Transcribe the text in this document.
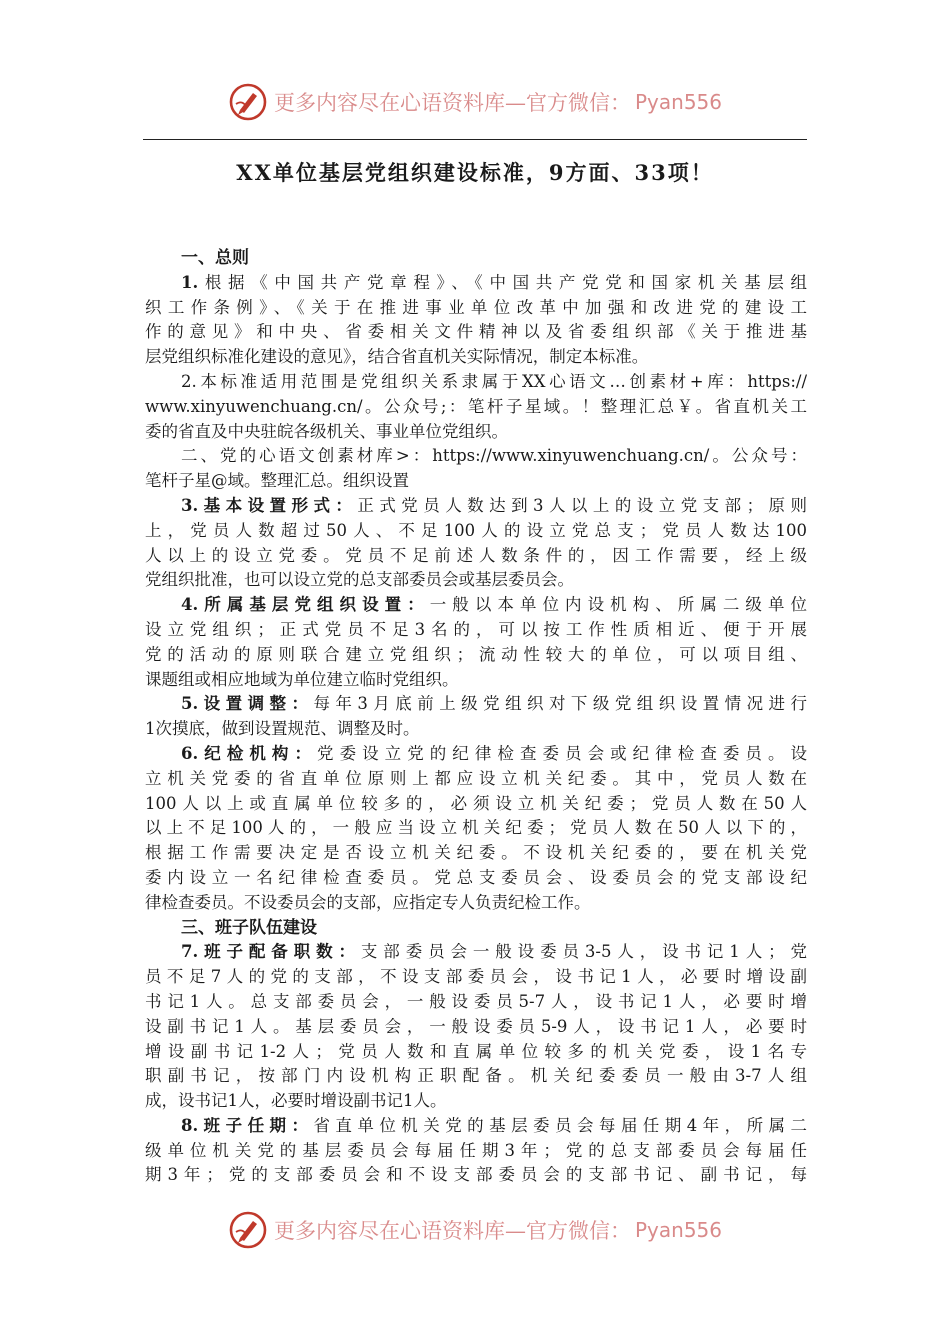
更多内容尽在心语资料库—官方微信： Pyan556
XX单位基层党组织建设标准，9方面、33项！
一、总则
1.根据《中国共产党章程》、《中国共产党党和国家机关基层组
织工作条例》、《关于在推进事业单位改革中加强和改进党的建设工
作的意见》和中央、省委相关文件精神以及省委组织部《关于推进基
层党组织标准化建设的意见》，结合省直机关实际情况，制定本标准。
2.本标准适用范围是党组织关系隶属于XX心语文…创素材+库：https://
www.xinyuwenchuang.cn/。公众号;：笔杆子星域。！整理汇总￥。省直机关工
委的省直及中央驻皖各级机关、事业单位党组织。
二、党的心语文创素材库>：https://www.xinyuwenchuang.cn/。公众号：
笔杆子星@域。整理汇总。组织设置
3.基本设置形式：正式党员人数达到3人以上的设立党支部；原则
上，党员人数超过50人、不足100人的设立党总支；党员人数达100
人以上的设立党委。党员不足前述人数条件的，因工作需要，经上级
党组织批准，也可以设立党的总支部委员会或基层委员会。
4.所属基层党组织设置：一般以本单位内设机构、所属二级单位
设立党组织；正式党员不足3名的，可以按工作性质相近、便于开展
党的活动的原则联合建立党组织；流动性较大的单位，可以项目组、
课题组或相应地域为单位建立临时党组织。
5.设置调整：每年3月底前上级党组织对下级党组织设置情况进行
1次摸底，做到设置规范、调整及时。
6.纪检机构：党委设立党的纪律检查委员会或纪律检查委员。设
立机关党委的省直单位原则上都应设立机关纪委。其中，党员人数在
100人以上或直属单位较多的，必须设立机关纪委；党员人数在50人
以上不足100人的，一般应当设立机关纪委；党员人数在50人以下的，
根据工作需要决定是否设立机关纪委。不设机关纪委的，要在机关党
委内设立一名纪律检查委员。党总支委员会、设委员会的党支部设纪
律检查委员。不设委员会的支部，应指定专人负责纪检工作。
三、班子队伍建设
7.班子配备职数：支部委员会一般设委员3-5人，设书记1人；党
员不足7人的党的支部，不设支部委员会，设书记1人，必要时增设副
书记1人。总支部委员会，一般设委员5-7人，设书记1人，必要时增
设副书记1人。基层委员会，一般设委员5-9人，设书记1人，必要时
增设副书记1-2人；党员人数和直属单位较多的机关党委，设1名专
职副书记，按部门内设机构正职配备。机关纪委委员一般由3-7人组
成，设书记1人，必要时增设副书记1人。
8.班子任期：省直单位机关党的基层委员会每届任期4年，所属二
级单位机关党的基层委员会每届任期3年；党的总支部委员会每届任
期3年；党的支部委员会和不设支部委员会的支部书记、副书记，每
更多内容尽在心语资料库—官方微信： Pyan556
